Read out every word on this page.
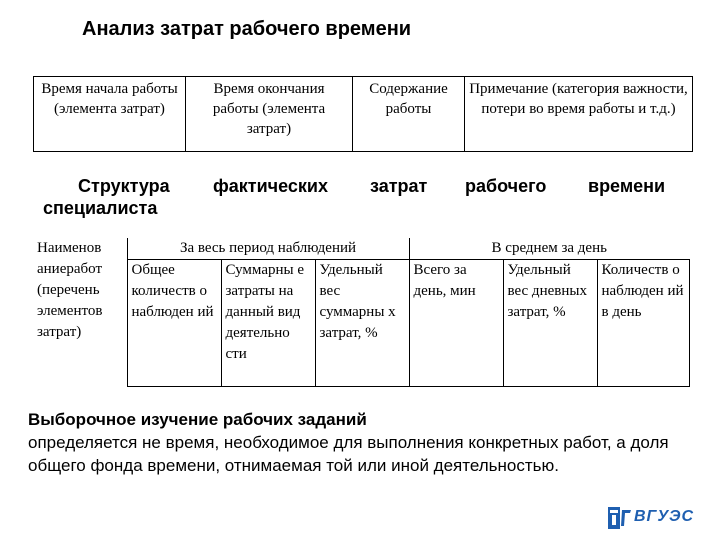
Анализ затрат рабочего времени
Время начала работы (элемента затрат)	Время окончания работы (элемента затрат)	Содержание работы	Примечание (категория важности, потери во время работы и т.д.)
Структура фактических затрат рабочего времени
специалиста
Наименов аниеработ (перечень элементов затрат)	За весь период наблюдений			В среднем за день		
	Общее количеств о наблюден ий	Суммарны е затраты на данный вид деятельно сти	Удельный вес суммарны х затрат, %	Всего за день, мин	Удельный вес дневных затрат, %	Количеств о наблюден ий в день
Выборочное изучение рабочих заданий
определяется не время, необходимое для выполнения конкретных работ, а доля общего фонда времени, отнимаемая той или иной деятельностью.
ВГУЭС
